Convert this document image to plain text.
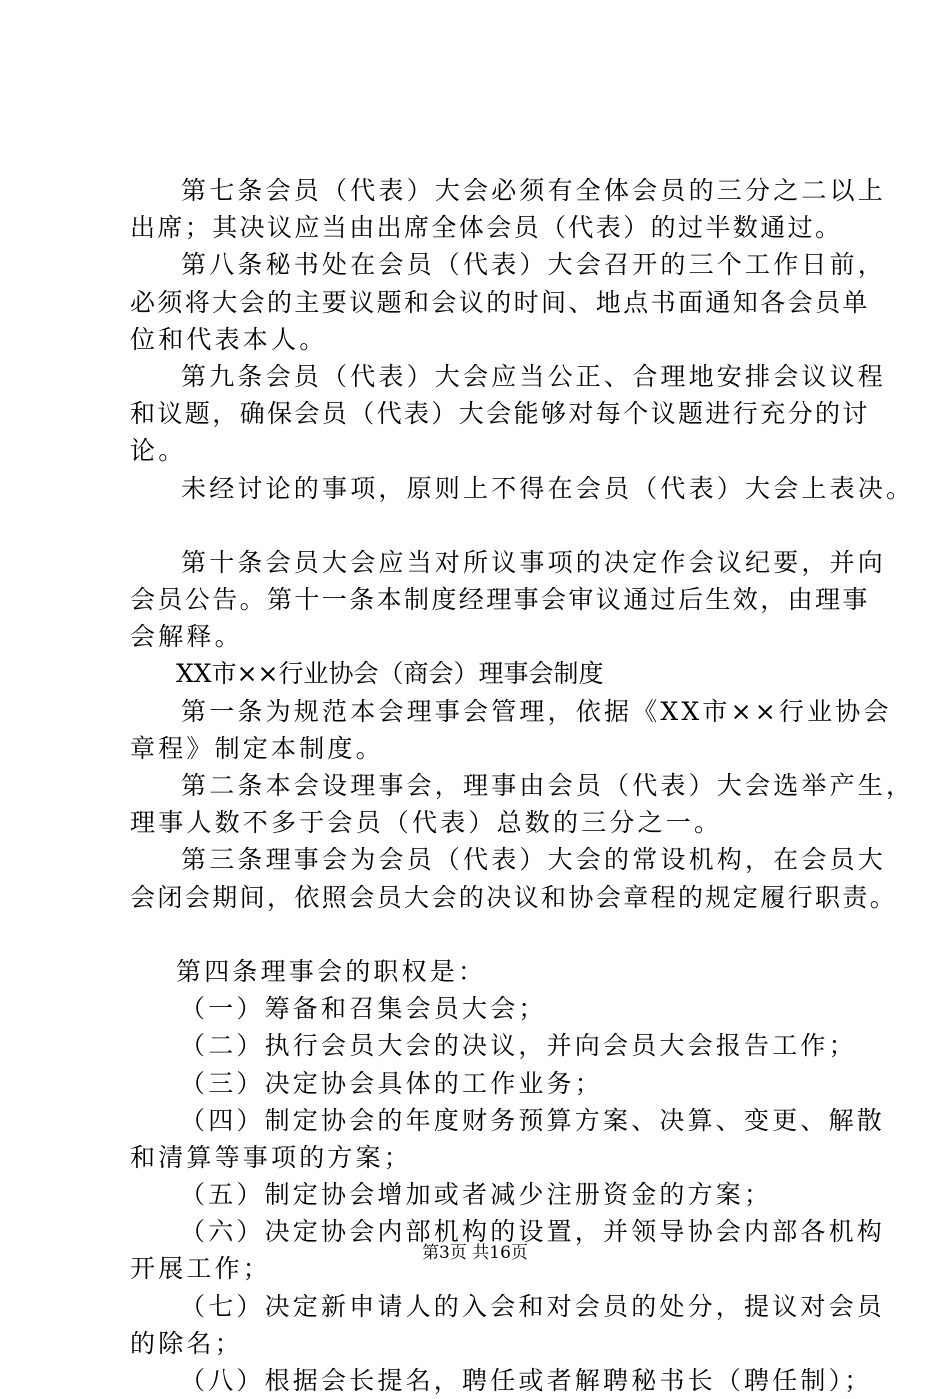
第七条会员（代表）大会必须有全体会员的三分之二以上
出席；其决议应当由出席全体会员（代表）的过半数通过。
第八条秘书处在会员（代表）大会召开的三个工作日前，
必须将大会的主要议题和会议的时间、地点书面通知各会员单
位和代表本人。
第九条会员（代表）大会应当公正、合理地安排会议议程
和议题，确保会员（代表）大会能够对每个议题进行充分的讨
论。
未经讨论的事项，原则上不得在会员（代表）大会上表决。
第十条会员大会应当对所议事项的决定作会议纪要，并向
会员公告。第十一条本制度经理事会审议通过后生效，由理事
会解释。
XX市××行业协会（商会）理事会制度
第一条为规范本会理事会管理，依据《XX市××行业协会
章程》制定本制度。
第二条本会设理事会，理事由会员（代表）大会选举产生，
理事人数不多于会员（代表）总数的三分之一。
第三条理事会为会员（代表）大会的常设机构，在会员大
会闭会期间，依照会员大会的决议和协会章程的规定履行职责。
第四条理事会的职权是：
（一）筹备和召集会员大会；
（二）执行会员大会的决议，并向会员大会报告工作；
（三）决定协会具体的工作业务；
（四）制定协会的年度财务预算方案、决算、变更、解散
和清算等事项的方案；
（五）制定协会增加或者减少注册资金的方案；
（六）决定协会内部机构的设置，并领导协会内部各机构
开展工作；
（七）决定新申请人的入会和对会员的处分，提议对会员
的除名；
（八）根据会长提名，聘任或者解聘秘书长（聘任制）；
第3页 共16页
